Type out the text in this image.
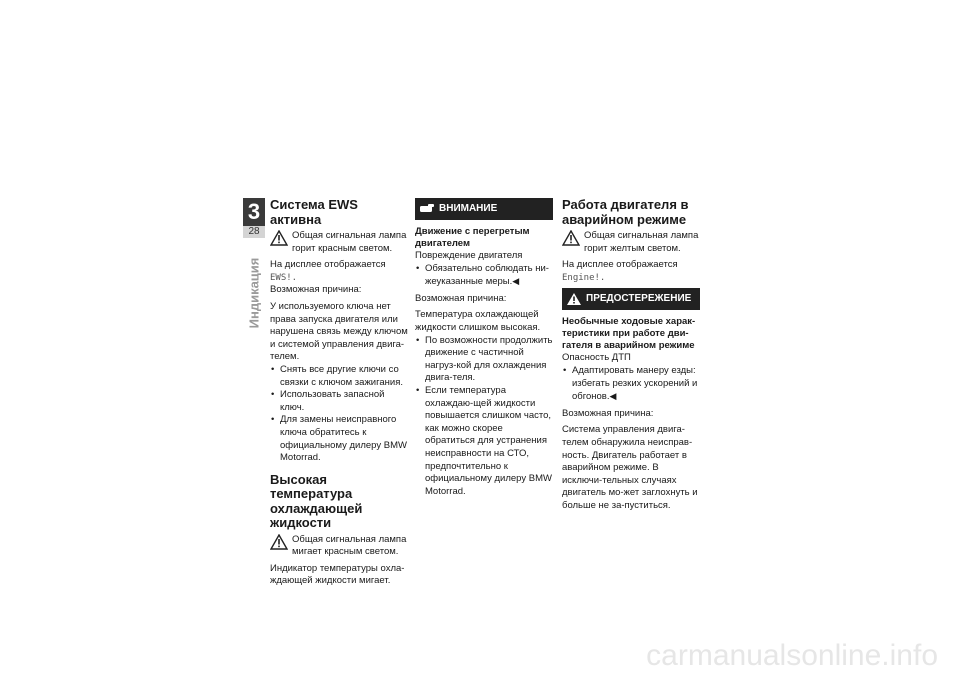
3
28
Индикация
Система EWS активна

Общая сигнальная лампа горит красным светом.

На дисплее отображается EWS!.

Возможная причина:

У используемого ключа нет права запуска двигателя или нарушена связь между ключом и системой управления двига-телем.

• Снять все другие ключи со связки с ключом зажигания.

• Использовать запасной ключ.

• Для замены неисправного ключа обратитесь к официальному дилеру BMW Motorrad.

Высокая температура охлаждающей жидкости

Общая сигнальная лампа мигает красным светом.

Индикатор температуры охла-ждающей жидкости мигает.

ВНИМАНИЕ
Движение с перегретым двигателем

Повреждение двигателя

• Обязательно соблюдать ни-жеуказанные меры.◀

Возможная причина:

Температура охлаждающей жидкости слишком высокая.

• По возможности продолжить движение с частичной нагруз-кой для охлаждения двига-теля.

• Если температура охлаждаю-щей жидкости повышается слишком часто, как можно скорее обратиться для устранения неисправности на СТО, предпочтительно к официальному дилеру BMW Motorrad.

Работа двигателя в аварийном режиме

Общая сигнальная лампа горит желтым светом.

На дисплее отображается

Engine!.

ПРЕДОСТЕРЕЖЕНИЕ
Необычные ходовые харак-теристики при работе дви-гателя в аварийном режиме

Опасность ДТП

• Адаптировать манеру езды: избегать резких ускорений и обгонов.◀

Возможная причина:

Система управления двига-телем обнаружила неисправ-ность. Двигатель работает в аварийном режиме. В исключи-тельных случаях двигатель мо-жет заглохнуть и больше не за-пуститься.

carmanualsonline.info
